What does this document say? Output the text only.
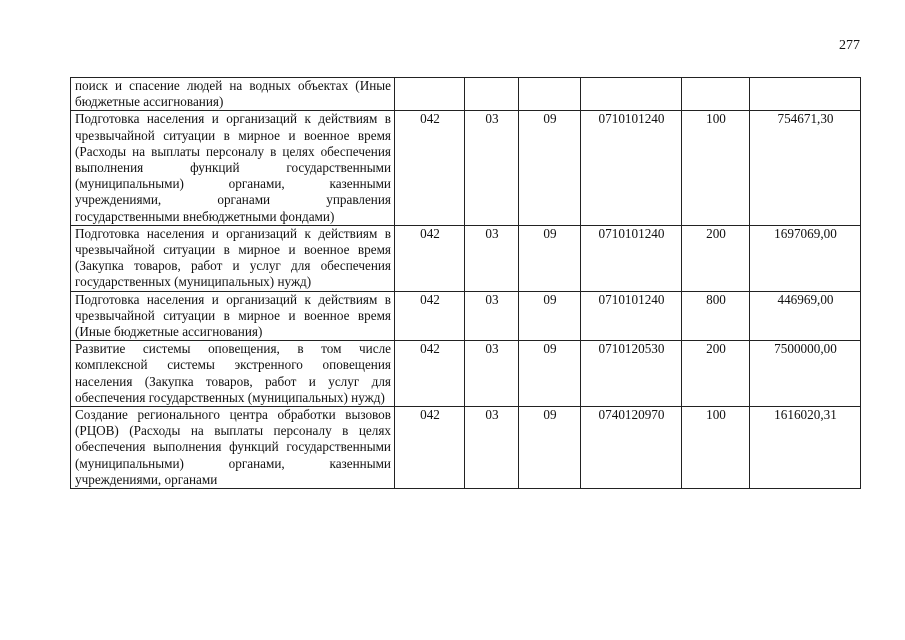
277
поиск и спасение людей на водных объектах (Иные бюджетные ассигнования)						
Подготовка населения и организаций к действиям в чрезвычайной ситуации в мирное и военное время (Расходы на выплаты персоналу в целях обеспечения выполнения функций государственными (муниципальными) органами, казенными учреждениями, органами управления государственными внебюджетными фондами)	042	03	09	0710101240	100	754671,30
Подготовка населения и организаций к действиям в чрезвычайной ситуации в мирное и военное время (Закупка товаров, работ и услуг для обеспечения государственных (муниципальных) нужд)	042	03	09	0710101240	200	1697069,00
Подготовка населения и организаций к действиям в чрезвычайной ситуации в мирное и военное время (Иные бюджетные ассигнования)	042	03	09	0710101240	800	446969,00
Развитие системы оповещения, в том числе комплексной системы экстренного оповещения населения (Закупка товаров, работ и услуг для обеспечения государственных (муниципальных) нужд)	042	03	09	0710120530	200	7500000,00
Создание регионального центра обработки вызовов (РЦОВ) (Расходы на выплаты персоналу в целях обеспечения выполнения функций государственными (муниципальными) органами, казенными учреждениями, органами	042	03	09	0740120970	100	1616020,31
